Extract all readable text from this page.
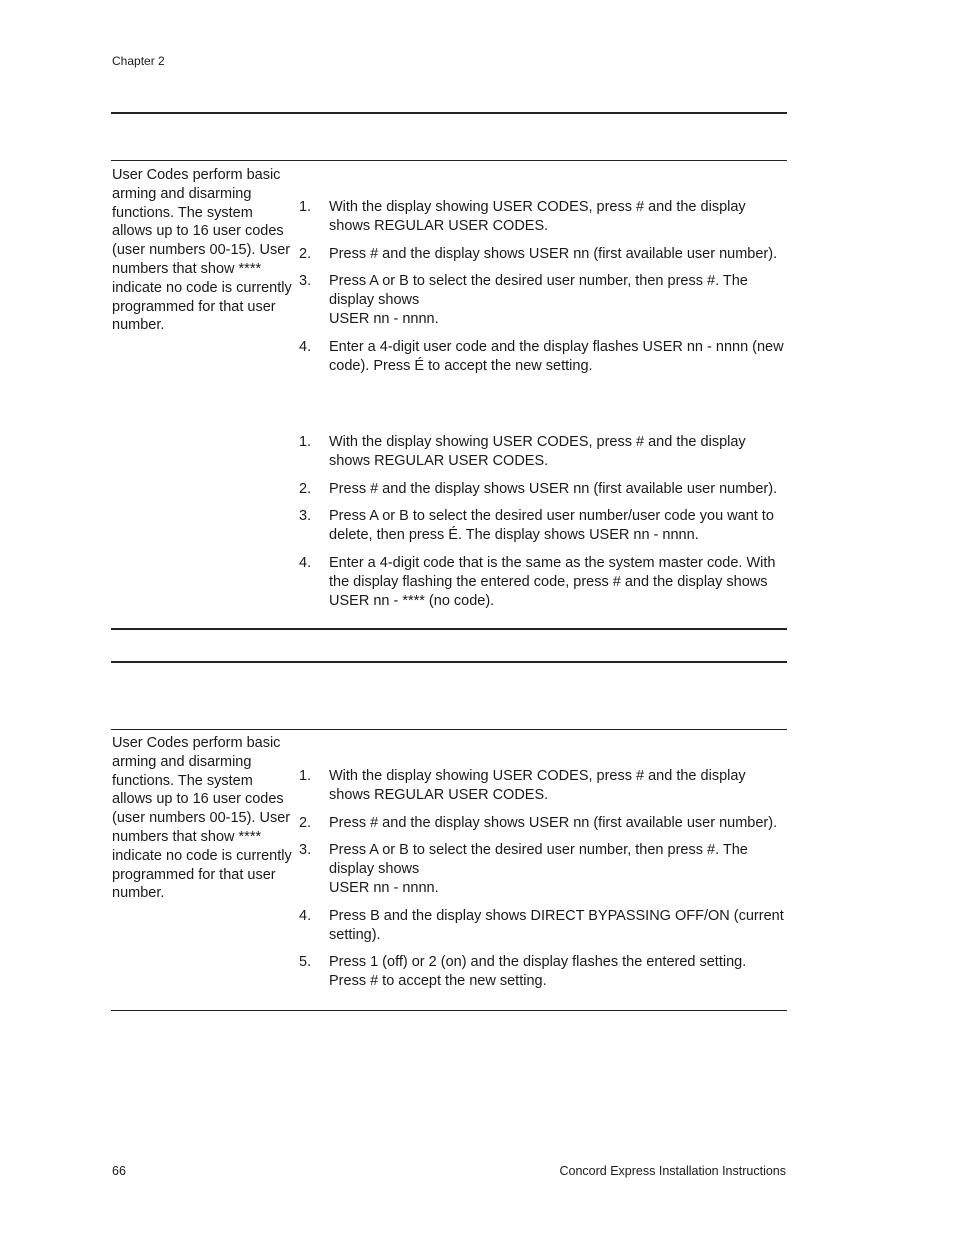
Chapter 2
User Codes perform basic arming and disarming functions. The system allows up to 16 user codes (user numbers 00-15). User numbers that show **** indicate no code is currently programmed for that user number.
1.	With the display showing USER CODES, press # and the display shows REGULAR USER CODES.
2.	Press # and the display shows USER nn (first available user number).
3.	Press A or B to select the desired user number, then press #. The display shows
USER nn - nnnn.
4.	Enter a 4-digit user code and the display flashes USER nn - nnnn (new code). Press É to accept the new setting.
1.	With the display showing USER CODES, press # and the display shows REGULAR USER CODES.
2.	Press # and the display shows USER nn (first available user number).
3.	Press A or B to select the desired user number/user code you want to delete, then press É. The display shows USER nn - nnnn.
4.	Enter a 4-digit code that is the same as the system master code. With the display flashing the entered code, press # and the display shows USER nn - **** (no code).
User Codes perform basic arming and disarming functions. The system allows up to 16 user codes (user numbers 00-15). User numbers that show **** indicate no code is currently programmed for that user number.
1.	With the display showing USER CODES, press # and the display shows REGULAR USER CODES.
2.	Press # and the display shows USER nn (first available user number).
3.	Press A or B to select the desired user number, then press #. The display shows
USER nn - nnnn.
4.	Press B and the display shows DIRECT BYPASSING OFF/ON (current setting).
5.	Press 1 (off) or 2 (on) and the display flashes the entered setting. Press # to accept the new setting.
66	Concord Express Installation Instructions
